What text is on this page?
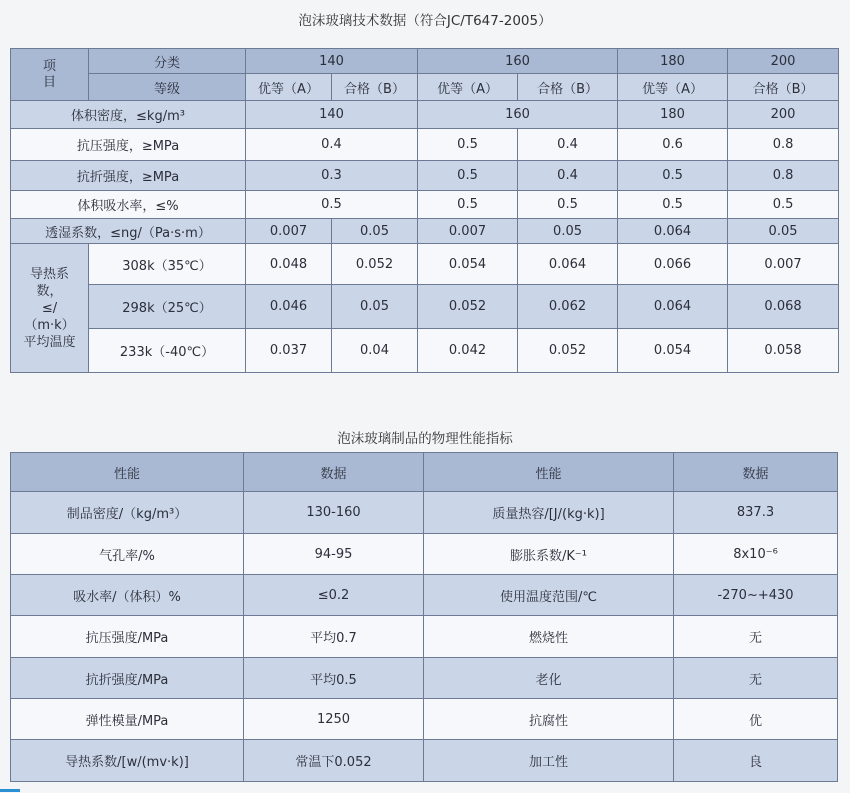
泡沫玻璃技术数据（符合JC/T647-2005）
项
目	分类	140		160		180	200
	等级	优等（A）	合格（B）	优等（A）	合格（B）	优等（A）	合格（B）
体积密度，≤kg/m³		140		160		180	200
抗压强度，≥MPa		0.4		0.5	0.4	0.6	0.8
抗折强度，≥MPa		0.3		0.5	0.4	0.5	0.8
体积吸水率，≤%		0.5		0.5	0.5	0.5	0.5
透湿系数，≤ng/（Pa·s·m）		0.007	0.05	0.007	0.05	0.064	0.05

导热系
数，
≤/
（m·k）
平均温度	308k（35℃）	0.048	0.052	0.054	0.064	0.066	0.007
	298k（25℃）	0.046	0.05	0.052	0.062	0.064	0.068
	233k（-40℃）	0.037	0.04	0.042	0.052	0.054	0.058
泡沫玻璃制品的物理性能指标
性能	数据	性能	数据
制品密度/（kg/m³）	130-160	质量热容/[J/(kg·k)]	837.3
气孔率/%	94-95	膨胀系数/K⁻¹	8x10⁻⁶
吸水率/（体积）%	≤0.2	使用温度范围/℃	-270~+430
抗压强度/MPa	平均0.7	燃烧性	无
抗折强度/MPa	平均0.5	老化	无
弹性模量/MPa	1250	抗腐性	优
导热系数/[w/(mv·k)]	常温下0.052	加工性	良
